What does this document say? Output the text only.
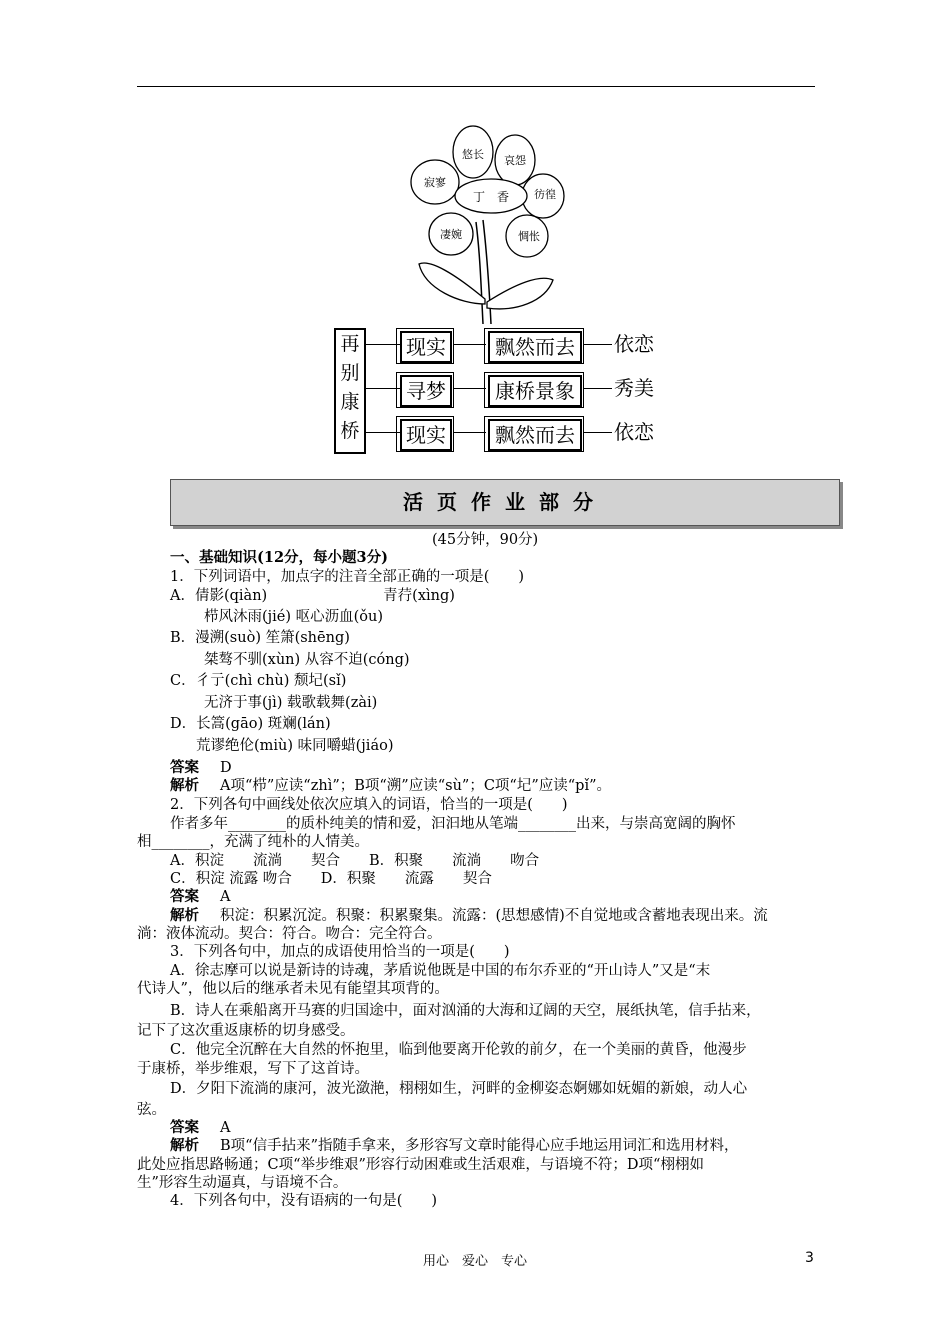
丁　香
悠长 哀怨
彷徨
惆怅
凄婉
寂寥
再
别
康
桥
现实
寻梦
现实
飘然而去
康桥景象
飘然而去
依恋
秀美
依恋
活页作业部分
(45分钟，90分)
一、基础知识(12分，每小题3分)
1．下列词语中，加点字的注音全部正确的一项是(　　)
A．倩影(qiàn)　　　　　　　　青荇(xìng)
栉风沐雨(jié) 呕心沥血(ǒu)
B．漫溯(suò) 笙箫(shēng)
桀骜不驯(xùn) 从容不迫(cóng)
C．彳亍(chì chù) 颓圮(sǐ)
无济于事(jì) 载歌载舞(zài)
D．长篙(gāo) 斑斓(lán)
荒谬绝伦(miù) 味同嚼蜡(jiáo)
答案 D
解析 A项“栉”应读“zhì”；B项“溯”应读“sù”；C项“圮”应读“pǐ”。
2．下列各句中画线处依次应填入的词语，恰当的一项是(　　)
作者多年________的质朴纯美的情和爱，汩汩地从笔端________出来，与崇高宽阔的胸怀
相________，充满了纯朴的人情美。
A．积淀　　流淌　　契合　　B．积聚　　流淌　　吻合
C．积淀 流露 吻合　　D．积聚　　流露　　契合
答案 A
解析 积淀：积累沉淀。积聚：积累聚集。流露：(思想感情)不自觉地或含蓄地表现出来。流
淌：液体流动。契合：符合。吻合：完全符合。
3．下列各句中，加点的成语使用恰当的一项是(　　)
A．徐志摩可以说是新诗的诗魂，茅盾说他既是中国的布尔乔亚的“开山诗人”又是“末
代诗人”，他以后的继承者未见有能望其项背的。
B．诗人在乘船离开马赛的归国途中，面对汹涌的大海和辽阔的天空，展纸执笔，信手拈来，
记下了这次重返康桥的切身感受。
C．他完全沉醉在大自然的怀抱里，临到他要离开伦敦的前夕，在一个美丽的黄昏，他漫步
于康桥，举步维艰，写下了这首诗。
D．夕阳下流淌的康河，波光潋滟，栩栩如生，河畔的金柳姿态婀娜如妩媚的新娘，动人心
弦。
答案 A
解析 B项“信手拈来”指随手拿来，多形容写文章时能得心应手地运用词汇和选用材料，
此处应指思路畅通；C项“举步维艰”形容行动困难或生活艰难，与语境不符；D项“栩栩如
生”形容生动逼真，与语境不合。
4．下列各句中，没有语病的一句是(　　)
用心　爱心　专心	3
